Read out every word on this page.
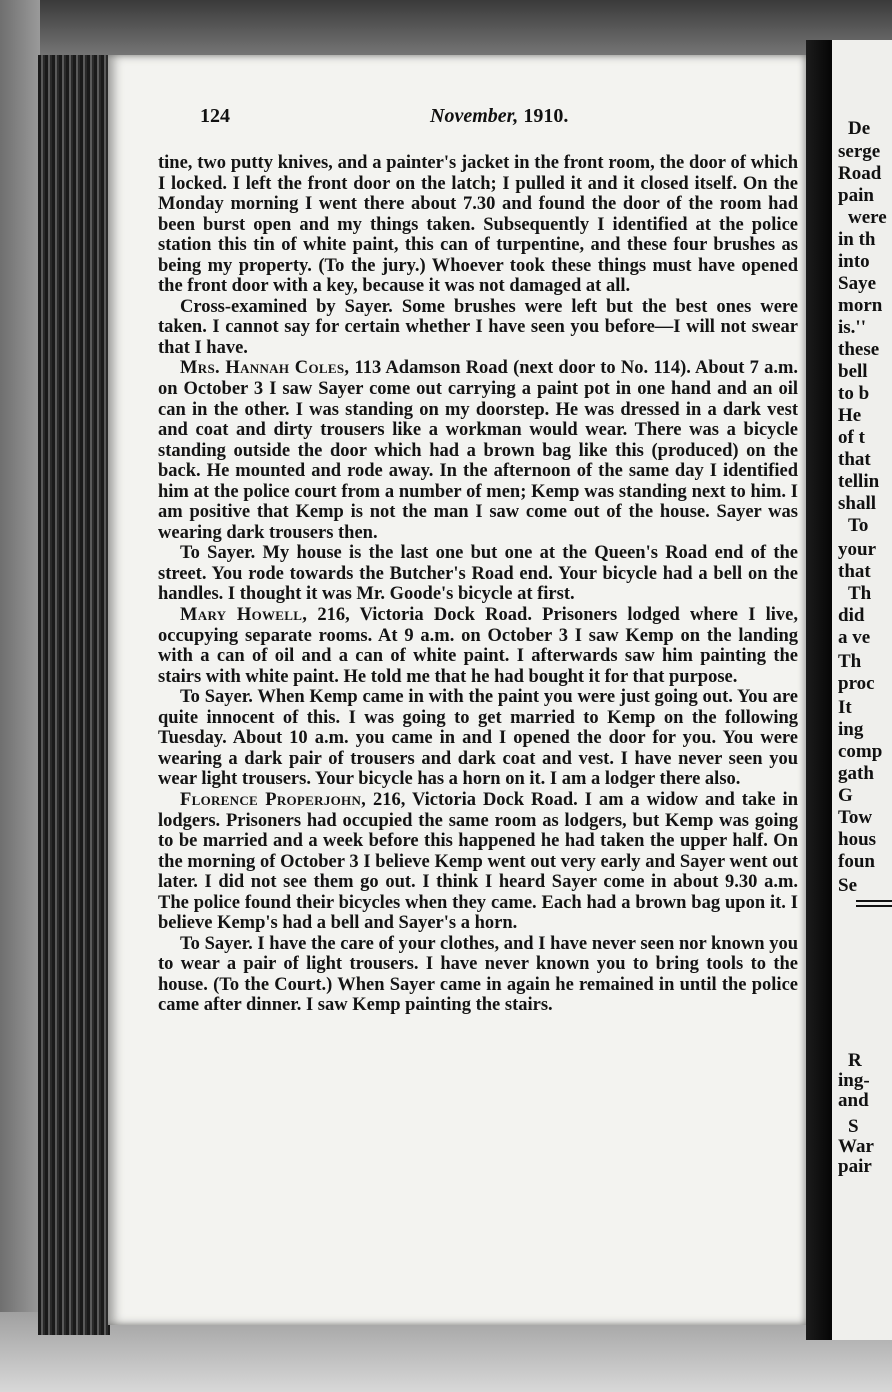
De
serge
Road
pain
were
in th
into
Saye
morn
is.''
these
bell
to b
He
of t
that
tellin
shall
To
your
that
Th
did
a ve
Th
proc
It
ing
comp
gath
G
Tow
hous
foun
Se
R
ing-
and
S
War
pair
124	November, 1910.

tine, two putty knives, and a painter's jacket in the front room, the door of which I locked. I left the front door on the latch; I pulled it and it closed itself. On the Monday morning I went there about 7.30 and found the door of the room had been burst open and my things taken. Subsequently I identified at the police station this tin of white paint, this can of turpentine, and these four brushes as being my property. (To the jury.) Whoever took these things must have opened the front door with a key, because it was not damaged at all.

Cross-examined by Sayer. Some brushes were left but the best ones were taken. I cannot say for certain whether I have seen you before—I will not swear that I have.

Mrs. Hannah Coles, 113 Adamson Road (next door to No. 114). About 7 a.m. on October 3 I saw Sayer come out carrying a paint pot in one hand and an oil can in the other. I was standing on my doorstep. He was dressed in a dark vest and coat and dirty trousers like a workman would wear. There was a bicycle standing outside the door which had a brown bag like this (produced) on the back. He mounted and rode away. In the afternoon of the same day I identified him at the police court from a number of men; Kemp was standing next to him. I am positive that Kemp is not the man I saw come out of the house. Sayer was wearing dark trousers then.

To Sayer. My house is the last one but one at the Queen's Road end of the street. You rode towards the Butcher's Road end. Your bicycle had a bell on the handles. I thought it was Mr. Goode's bicycle at first.

Mary Howell, 216, Victoria Dock Road. Prisoners lodged where I live, occupying separate rooms. At 9 a.m. on October 3 I saw Kemp on the landing with a can of oil and a can of white paint. I afterwards saw him painting the stairs with white paint. He told me that he had bought it for that purpose.

To Sayer. When Kemp came in with the paint you were just going out. You are quite innocent of this. I was going to get married to Kemp on the following Tuesday. About 10 a.m. you came in and I opened the door for you. You were wearing a dark pair of trousers and dark coat and vest. I have never seen you wear light trousers. Your bicycle has a horn on it. I am a lodger there also.

Florence Properjohn, 216, Victoria Dock Road. I am a widow and take in lodgers. Prisoners had occupied the same room as lodgers, but Kemp was going to be married and a week before this happened he had taken the upper half. On the morning of October 3 I believe Kemp went out very early and Sayer went out later. I did not see them go out. I think I heard Sayer come in about 9.30 a.m. The police found their bicycles when they came. Each had a brown bag upon it. I believe Kemp's had a bell and Sayer's a horn.

To Sayer. I have the care of your clothes, and I have never seen nor known you to wear a pair of light trousers. I have never known you to bring tools to the house. (To the Court.) When Sayer came in again he remained in until the police came after dinner. I saw Kemp painting the stairs.
